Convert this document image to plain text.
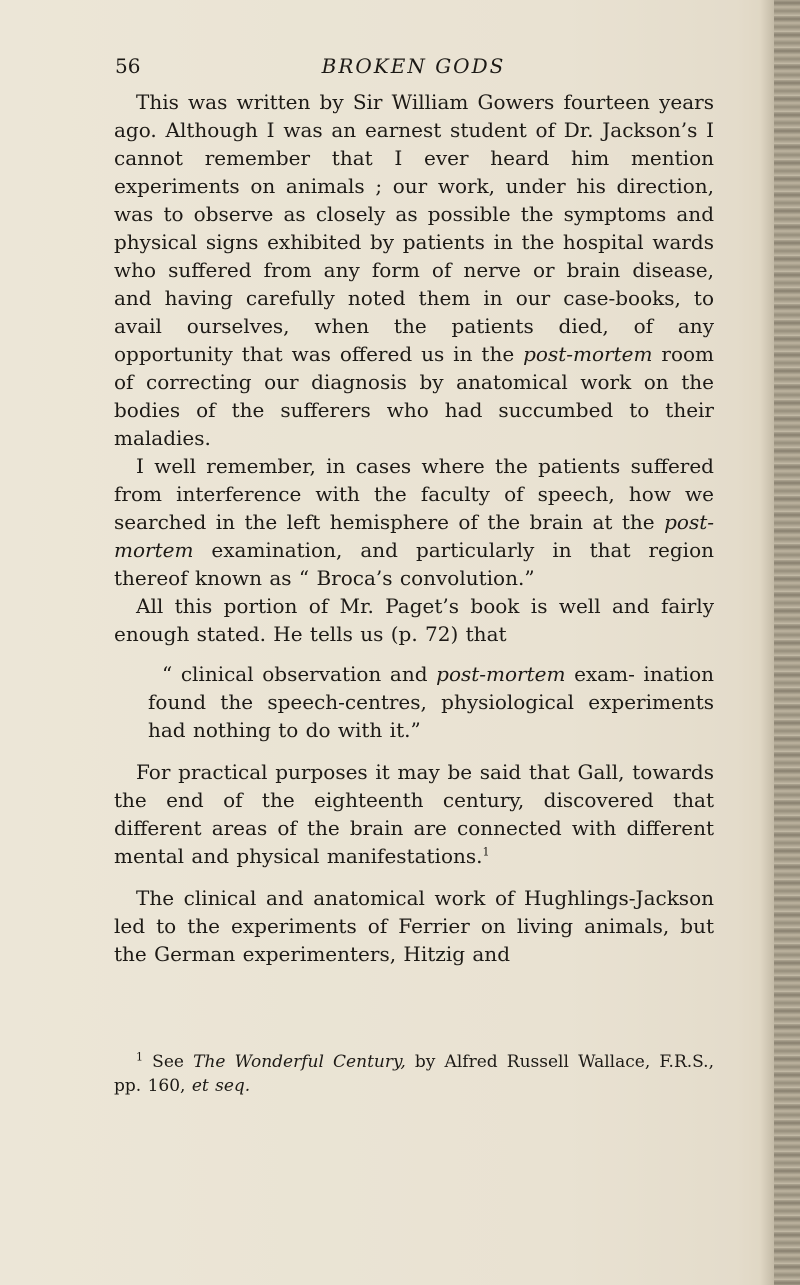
56	BROKEN GODS

This was written by Sir William Gowers fourteen years ago. Although I was an earnest student of Dr. Jackson’s I cannot remember that I ever heard him mention experiments on animals ; our work, under his direction, was to observe as closely as possible the symptoms and physical signs exhibited by patients in the hospital wards who suffered from any form of nerve or brain disease, and having carefully noted them in our case-books, to avail ourselves, when the patients died, of any opportunity that was offered us in the post-mortem room of correcting our diagnosis by anatomical work on the bodies of the sufferers who had succumbed to their maladies.

I well remember, in cases where the patients suffered from interference with the faculty of speech, how we searched in the left hemisphere of the brain at the post-mortem examination, and particularly in that region thereof known as “ Broca’s convolution.”

All this portion of Mr. Paget’s book is well and fairly enough stated. He tells us (p. 72) that

“ clinical observation and post-mortem exam- ination found the speech-centres, physiological experiments had nothing to do with it.”

For practical purposes it may be said that Gall, towards the end of the eighteenth century, discovered that different areas of the brain are connected with different mental and physical manifestations.$^1$

The clinical and anatomical work of Hughlings-Jackson led to the experiments of Ferrier on living animals, but the German experimenters, Hitzig and

$^1$ See The Wonderful Century, by Alfred Russell Wallace, F.R.S., pp. 160, et seq.
